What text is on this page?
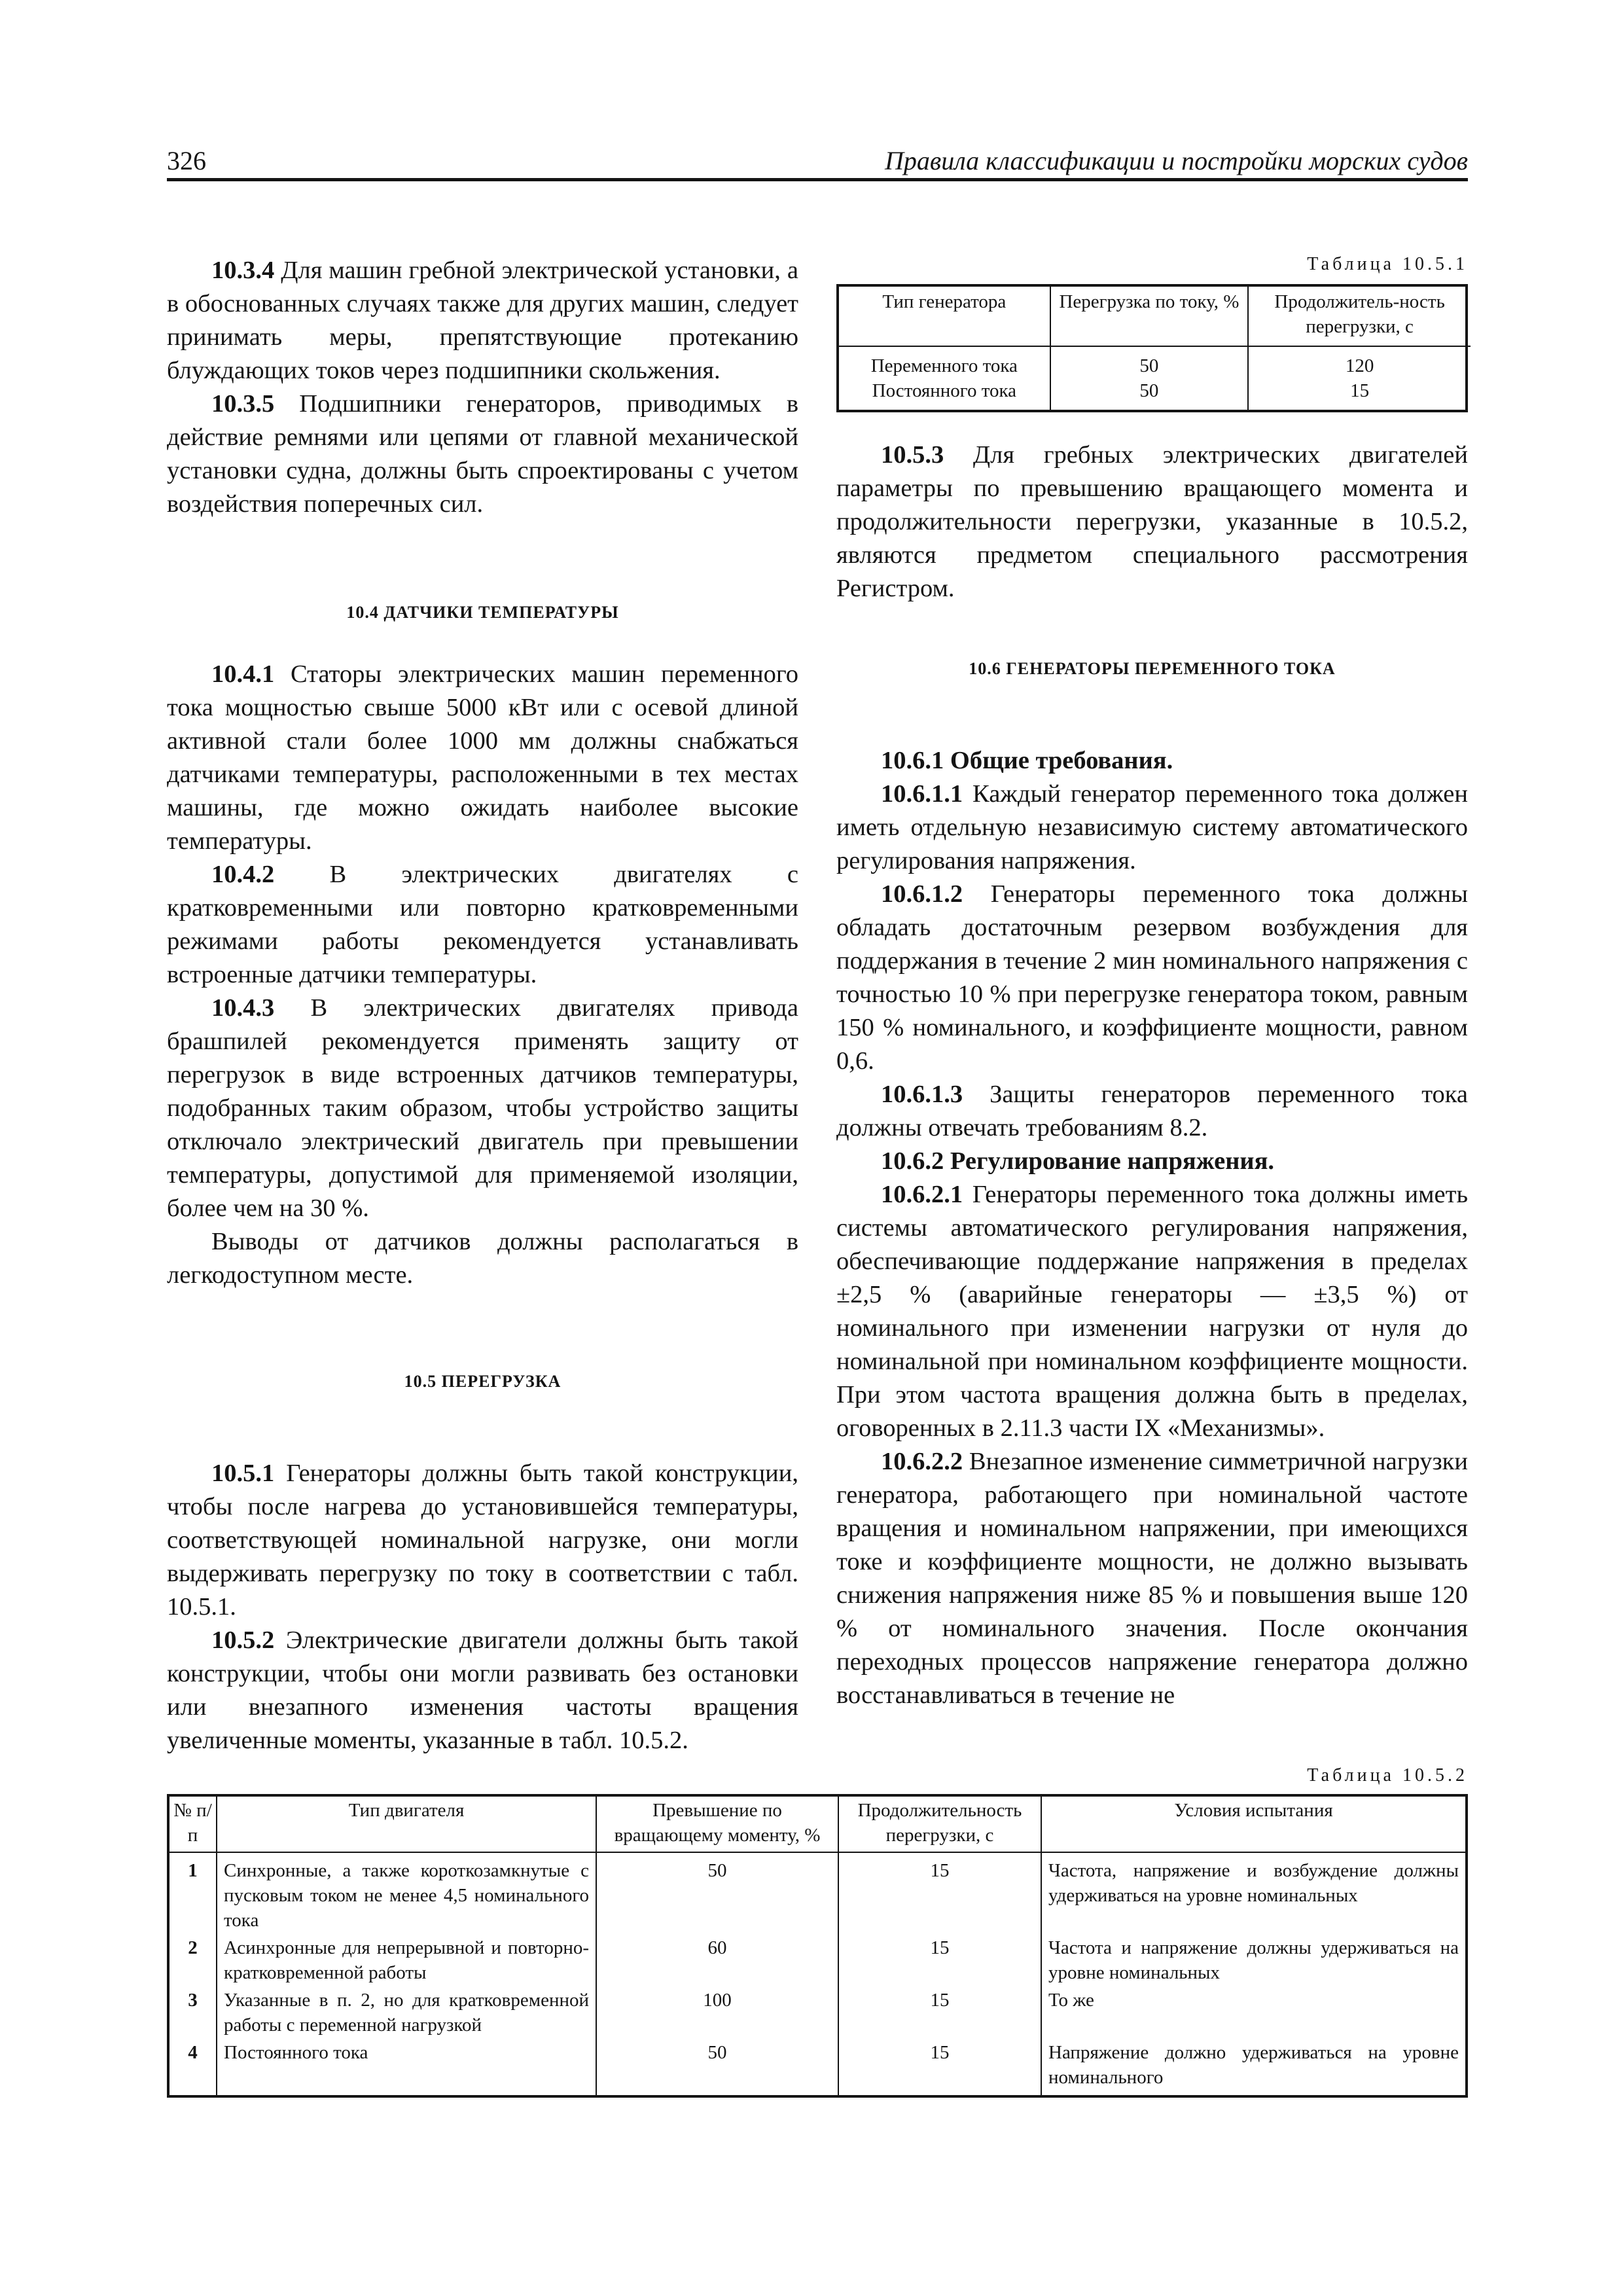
326	Правила классификации и постройки морских судов

10.3.4 Для машин гребной электрической установки, а в обоснованных случаях также для других машин, следует принимать меры, препятствующие протеканию блуждающих токов через подшипники скольжения.

10.3.5 Подшипники генераторов, приводимых в действие ремнями или цепями от главной механической установки судна, должны быть спроектированы с учетом воздействия поперечных сил.

10.4 ДАТЧИКИ ТЕМПЕРАТУРЫ

10.4.1 Статоры электрических машин переменного тока мощностью свыше 5000 кВт или с осевой длиной активной стали более 1000 мм должны снабжаться датчиками температуры, расположенными в тех местах машины, где можно ожидать наиболее высокие температуры.

10.4.2 В электрических двигателях с кратковременными или повторно кратковременными режимами работы рекомендуется устанавливать встроенные датчики температуры.

10.4.3 В электрических двигателях привода брашпилей рекомендуется применять защиту от перегрузок в виде встроенных датчиков температуры, подобранных таким образом, чтобы устройство защиты отключало электрический двигатель при превышении температуры, допустимой для применяемой изоляции, более чем на 30 %.

Выводы от датчиков должны располагаться в легкодоступном месте.

10.5 ПЕРЕГРУЗКА

10.5.1 Генераторы должны быть такой конструкции, чтобы после нагрева до установившейся температуры, соответствующей номинальной нагрузке, они могли выдерживать перегрузку по току в соответствии с табл. 10.5.1.

10.5.2 Электрические двигатели должны быть такой конструкции, чтобы они могли развивать без остановки или внезапного изменения частоты вращения увеличенные моменты, указанные в табл. 10.5.2.

Таблица 10.5.1
Тип генератора	Перегрузка по току, %	Продолжитель-ность перегрузки, с
Переменного тока	50	120
Постоянного тока	50	15

10.5.3 Для гребных электрических двигателей параметры по превышению вращающего момента и продолжительности перегрузки, указанные в 10.5.2, являются предметом специального рассмотрения Регистром.

10.6 ГЕНЕРАТОРЫ ПЕРЕМЕННОГО ТОКА

10.6.1 Общие требования.

10.6.1.1 Каждый генератор переменного тока должен иметь отдельную независимую систему автоматического регулирования напряжения.

10.6.1.2 Генераторы переменного тока должны обладать достаточным резервом возбуждения для поддержания в течение 2 мин номинального напряжения с точностью 10 % при перегрузке генератора током, равным 150 % номинального, и коэффициенте мощности, равном 0,6.

10.6.1.3 Защиты генераторов переменного тока должны отвечать требованиям 8.2.

10.6.2 Регулирование напряжения.

10.6.2.1 Генераторы переменного тока должны иметь системы автоматического регулирования напряжения, обеспечивающие поддержание напряжения в пределах ±2,5 % (аварийные генераторы — ±3,5 %) от номинального при изменении нагрузки от нуля до номинальной при номинальном коэффициенте мощности. При этом частота вращения должна быть в пределах, оговоренных в 2.11.3 части IX «Механизмы».

10.6.2.2 Внезапное изменение симметричной нагрузки генератора, работающего при номинальной частоте вращения и номинальном напряжении, при имеющихся токе и коэффициенте мощности, не должно вызывать снижения напряжения ниже 85 % и повышения выше 120 % от номинального значения. После окончания переходных процессов напряжение генератора должно восстанавливаться в течение не

Таблица 10.5.2
№ п/п	Тип двигателя	Превышение по вращающему моменту, %	Продолжительность перегрузки, с	Условия испытания
1	Синхронные, а также короткозамкнутые с пусковым током не менее 4,5 номинального тока	50	15	Частота, напряжение и возбуждение должны удерживаться на уровне номинальных
2	Асинхронные для непрерывной и повторно-кратковременной работы	60	15	Частота и напряжение должны удерживаться на уровне номинальных
3	Указанные в п. 2, но для кратковременной работы с переменной нагрузкой	100	15	То же
4	Постоянного тока	50	15	Напряжение должно удерживаться на уровне номинального
